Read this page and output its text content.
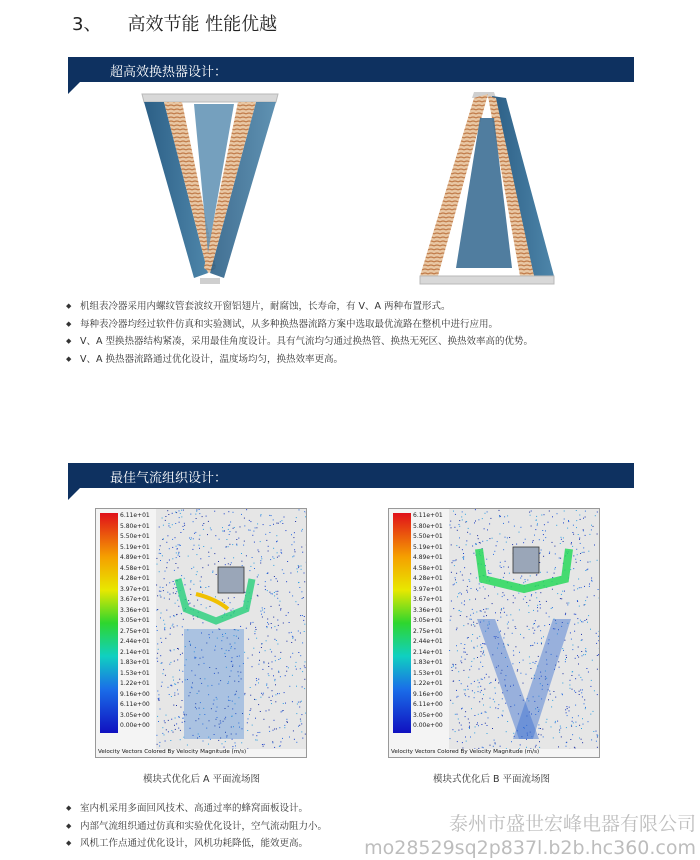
3、 高效节能 性能优越
超高效换热器设计：
◆ 机组表冷器采用内螺纹管套波纹开窗铝翅片，耐腐蚀，长寿命，有 V、A 两种布置形式。
◆ 每种表冷器均经过软件仿真和实验测试，从多种换热器流路方案中选取最优流路在整机中进行应用。
◆ V、A 型换热器结构紧凑，采用最佳角度设计。具有气流均匀通过换热管、换热无死区、换热效率高的优势。
◆ V、A 换热器流路通过优化设计，温度场均匀，换热效率更高。
最佳气流组织设计：
6.11e+01
5.80e+01
5.50e+01
5.19e+01
4.89e+01
4.58e+01
4.28e+01
3.97e+01
3.67e+01
3.36e+01
3.05e+01
2.75e+01
2.44e+01
2.14e+01
1.83e+01
1.53e+01
1.22e+01
9.16e+00
6.11e+00
3.05e+00
0.00e+00
Velocity Vectors Colored By Velocity Magnitude (m/s)
6.11e+01
5.80e+01
5.50e+01
5.19e+01
4.89e+01
4.58e+01
4.28e+01
3.97e+01
3.67e+01
3.36e+01
3.05e+01
2.75e+01
2.44e+01
2.14e+01
1.83e+01
1.53e+01
1.22e+01
9.16e+00
6.11e+00
3.05e+00
0.00e+00
Velocity Vectors Colored By Velocity Magnitude (m/s)
模块式优化后 A 平面流场图	模块式优化后 B 平面流场图
◆ 室内机采用多面回风技术、高通过率的蜂窝面板设计。
◆ 内部气流组织通过仿真和实验优化设计，空气流动阻力小。
◆ 风机工作点通过优化设计，风机功耗降低，能效更高。
泰州市盛世宏峰电器有限公司
mo28529sq2p837l.b2b.hc360.com
